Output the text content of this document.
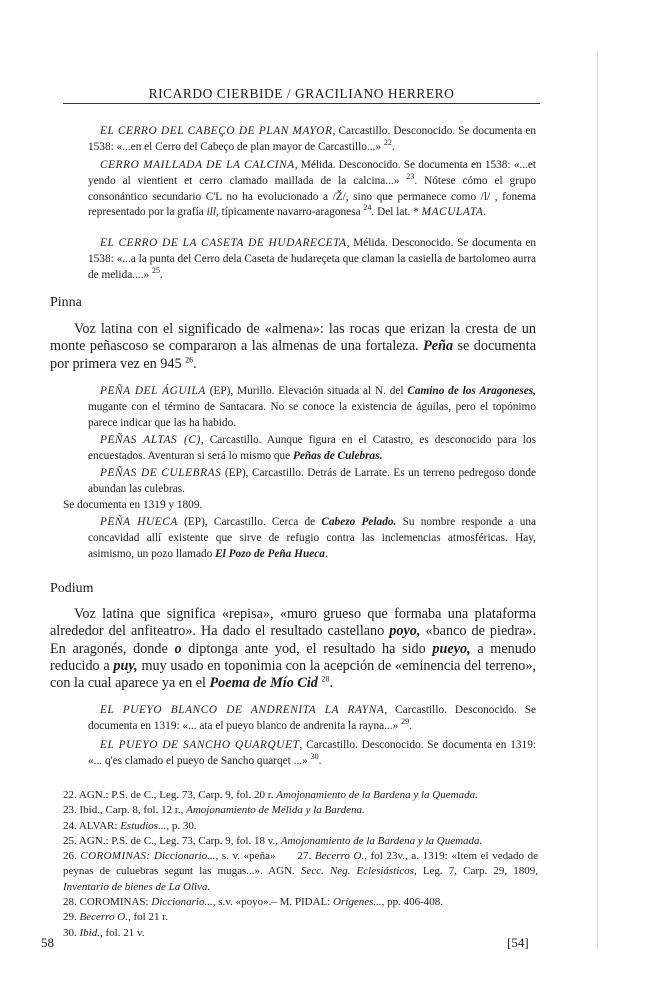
RICARDO CIERBIDE / GRACILIANO HERRERO
EL CERRO DEL CABEÇO DE PLAN MAYOR, Carcastillo. Desconocido. Se documenta en 1538: «...en el Cerro del Cabeço de plan mayor de Carcastillo...» $^{22}$.
CERRO MAILLADA DE LA CALCINA, Mélida. Desconocido. Se documenta en 1538: «...et yendo al vientient et cerro clamado maillada de la calcina...» $^{23}$. Nótese cómo el grupo consonántico secundario C'L no ha evolucionado a /Ž/, sino que permanece como /l/ , fonema representado por la grafía ill, típicamente navarro-aragonesa $^{24}$. Del lat. * MACULATA.
EL CERRO DE LA CASETA DE HUDARECETA, Mélida. Desconocido. Se documenta en 1538: «...a la punta del Cerro dela Caseta de hudareçeta que claman la casiella de bartolomeo aurra de melida....» $^{25}$.
Pinna
Voz latina con el significado de «almena»: las rocas que erizan la cresta de un monte peñascoso se compararon a las almenas de una fortaleza. Peña se documenta por primera vez en 945 $^{26}$.
PEÑA DEL ÁGUILA (EP), Murillo. Elevación situada al N. del Camino de los Aragoneses, mugante con el término de Santacara. No se conoce la existencia de águilas, pero el topónimo parece indicar que las ha habido.
PEÑAS ALTAS (C), Carcastillo. Aunque figura en el Catastro, es desconocido para los encuestados. Aventuran si será lo mismo que Peñas de Culebras.
PEÑAS DE CULEBRAS (EP), Carcastillo. Detrás de Larrate. Es un terreno pedregoso donde abundan las culebras.
Se documenta en 1319 y 1809.
PEÑA HUECA (EP), Carcastillo. Cerca de Cabezo Pelado. Su nombre responde a una concavidad allí existente que sirve de refugio contra las inclemencias atmosféricas. Hay, asimismo, un pozo llamado El Pozo de Peña Hueca.
Podium
Voz latina que significa «repisa», «muro grueso que formaba una plataforma alrededor del anfiteatro». Ha dado el resultado castellano poyo, «banco de piedra». En aragonés, donde o diptonga ante yod, el resultado ha sido pueyo, a menudo reducido a puy, muy usado en toponimia con la acepción de «eminencia del terreno», con la cual aparece ya en el Poema de Mío Cid $^{28}$.
EL PUEYO BLANCO DE ANDRENITA LA RAYNA, Carcastillo. Desconocido. Se documenta en 1319: «... ata el pueyo blanco de andrenita la rayna...» $^{29}$.
EL PUEYO DE SANCHO QUARQUET, Carcastillo. Desconocido. Se documenta en 1319: «... q'es clamado el pueyo de Sancho quarqet ...» $^{30}$.
22. AGN.: P.S. de C., Leg. 73, Carp. 9, fol. 20 r. Amojonamiento de la Bardena y la Quemada.
23. Ibid., Carp. 8, fol. 12 r., Amojonamiento de Mélida y la Bardena.
24. ALVAR: Estudios..., p. 30.
25. AGN.: P.S. de C., Leg. 73, Carp. 9, fol. 18 v., Amojonamiento de la Bardena y la Quemada.
26. COROMINAS: Diccionario..., s. v. «peña» 27. Becerro O., fol 23v., a. 1319: «Item el vedado de peynas de culuebras segunt las mugas...». AGN. Secc. Neg. Eclesiásticos, Leg. 7, Carp. 29, 1809, Inventario de bienes de La Oliva.
28. COROMINAS: Diccionario..., s.v. «poyo».– M. PIDAL: Orígenes..., pp. 406-408.
29. Becerro O., fol 21 r.
30. Ibid., fol. 21 v.
58	[54]
